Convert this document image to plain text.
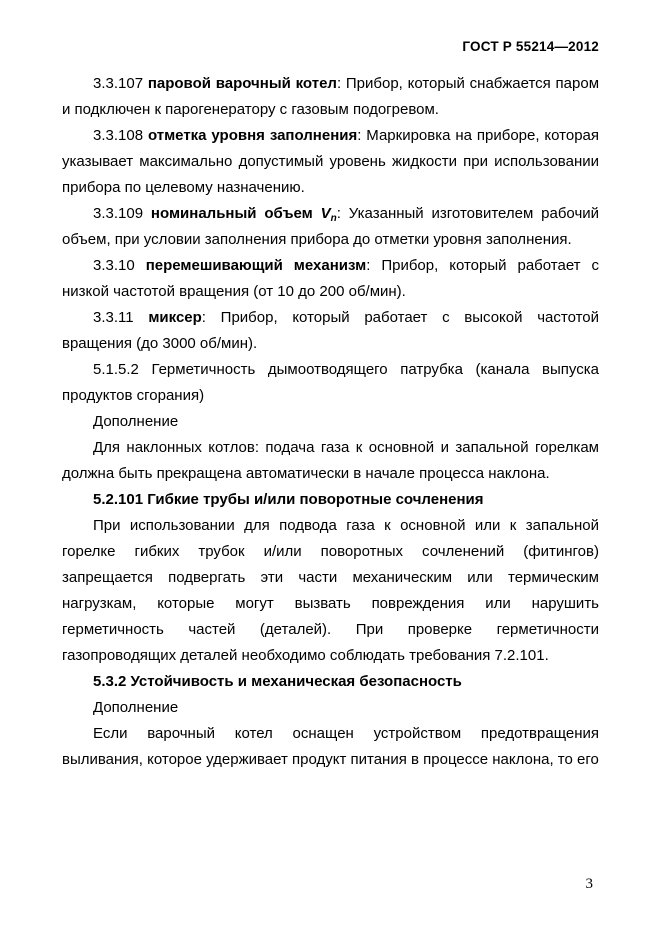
ГОСТ Р 55214—2012

3.3.107 паровой варочный котел: Прибор, который снабжается паром и подключен к парогенератору с газовым подогревом.

3.3.108 отметка уровня заполнения: Маркировка на приборе, которая указывает максимально допустимый уровень жидкости при использовании прибора по целевому назначению.

3.3.109 номинальный объем $V_n$: Указанный изготовителем рабочий объем, при условии заполнения прибора до отметки уровня заполнения.

3.3.10 перемешивающий механизм: Прибор, который работает с низкой частотой вращения (от 10 до 200 об/мин).

3.3.11 миксер: Прибор, который работает с высокой частотой вращения (до 3000 об/мин).

5.1.5.2 Герметичность дымоотводящего патрубка (канала выпуска продуктов сгорания)

Дополнение

Для наклонных котлов: подача газа к основной и запальной горелкам должна быть прекращена автоматически в начале процесса наклона.

5.2.101 Гибкие трубы и/или поворотные сочленения

При использовании для подвода газа к основной или к запальной горелке гибких трубок и/или поворотных сочленений (фитингов) запрещается подвергать эти части механическим или термическим нагрузкам, которые могут вызвать повреждения или нарушить герметичность частей (деталей). При проверке герметичности газопроводящих деталей необходимо соблюдать требования 7.2.101.

5.3.2 Устойчивость и механическая безопасность

Дополнение

Если варочный котел оснащен устройством предотвращения выливания, которое удерживает продукт питания в процессе наклона, то его

3
